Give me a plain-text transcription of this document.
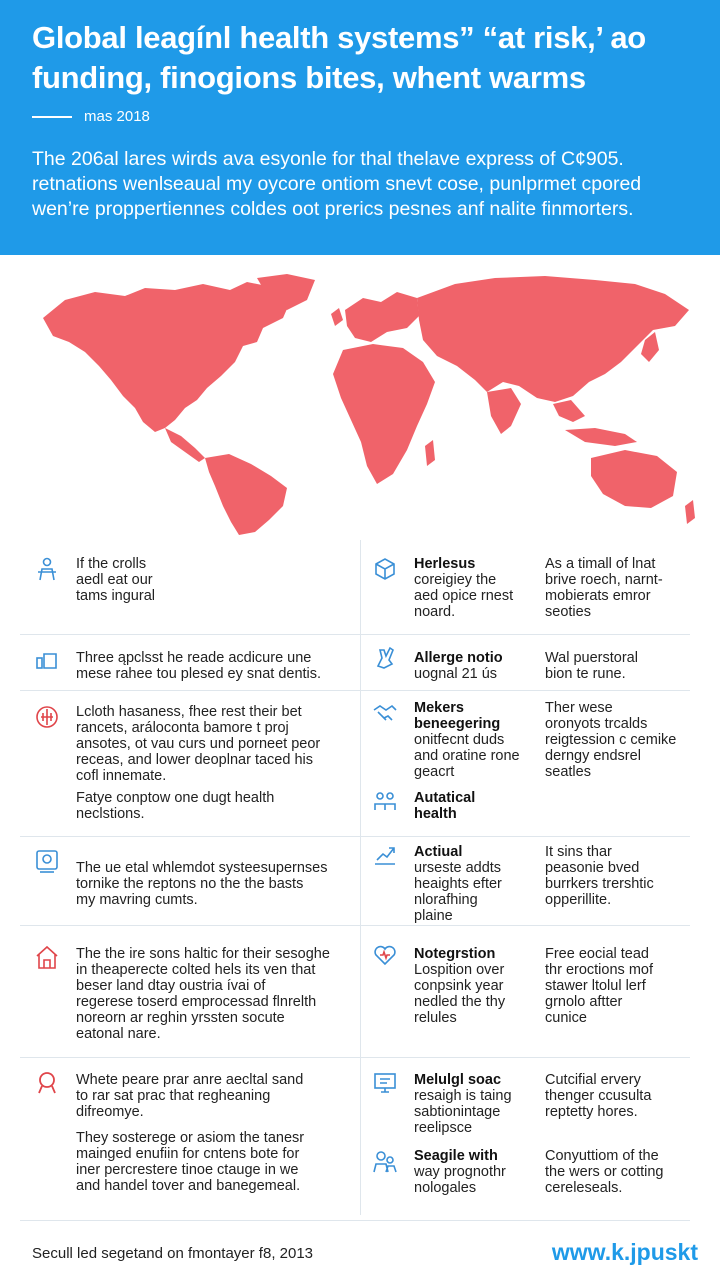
Global leagínl health systems” “at risk,’ ao
funding, finogions bites, whent warms
mas 2018
The 206al lares wirds ava esyonle for thal thelave express of C¢905.
retnations wenlseaual my oycore ontiom snevt cose, punlprmet cpored
wen’re proppertiennes coldes oot prerics pesnes anf nalite finmorters.
If the crolls
aedl eat our
tams ingural
Three ąpclsst he reade acdicure une
mese rahee tou plesed ey snat dentis.
Lcloth hasaness, fhee rest their bet
rancets, aráloconta bamore t proj
ansotes, ot vau curs und porneet peor
receas, and lower deoplnar taced his
cofl innemate.
Fatye conptow one dugt health
neclstions.
The ue etal whlemdot systeesupernses
tornike the reptons no the the basts
my mavring cumts.
The the ire sons haltic for their sesoghe
in theaperecte colted hels its ven that
beser land dtay oustria ívai of
regerese toserd emprocessad flnrelth
noreorn ar reghin yrssten socute
eatonal nare.
Whete peare prar anre aecltal sand
to rar sat prac that regheaning
difreomye.
They sosterege or asiom the tanesr
mainged enufiin for cntens bote for
iner percrestere tinoe ctauge in we
and handel tover and banegemeal.
Herlesus
coreigiey the
aed opice rnest
noard.
Allerge notio
uognal 21 ús
Mekers
beneegering
onitfecnt duds
and oratine rone
geacrt
Autatical
health
Actiual
urseste addts
heaights efter
nlorafhing
plaine
Notegrstion
Lospition over
conpsink year
nedled the thy
relules
Melulgl soac
resaigh is taing
sabtionintage
reelipsce
Seagile with
way prognothr
nologales
As a timall of lnat
brive roech, narnt-
mobierats emror
seoties
Wal puerstoral
bion te rune.
Ther wese
oronyots trcalds
reigtession c cemike
derngy endsrel
seatles
It sins thar
peasonie bved
burrkers trershtic
opperillite.
Free eocial tead
thr eroctions mof
stawer ltolul lerf
grnolo aftter
cunice
Cutcifial ervery
thenger ccusulta
reptetty hores.
Conyuttiom of the
the wers or cotting
cereleseals.
Secull led segetand on fmontayer f8, 2013	www.k.jpuskt
